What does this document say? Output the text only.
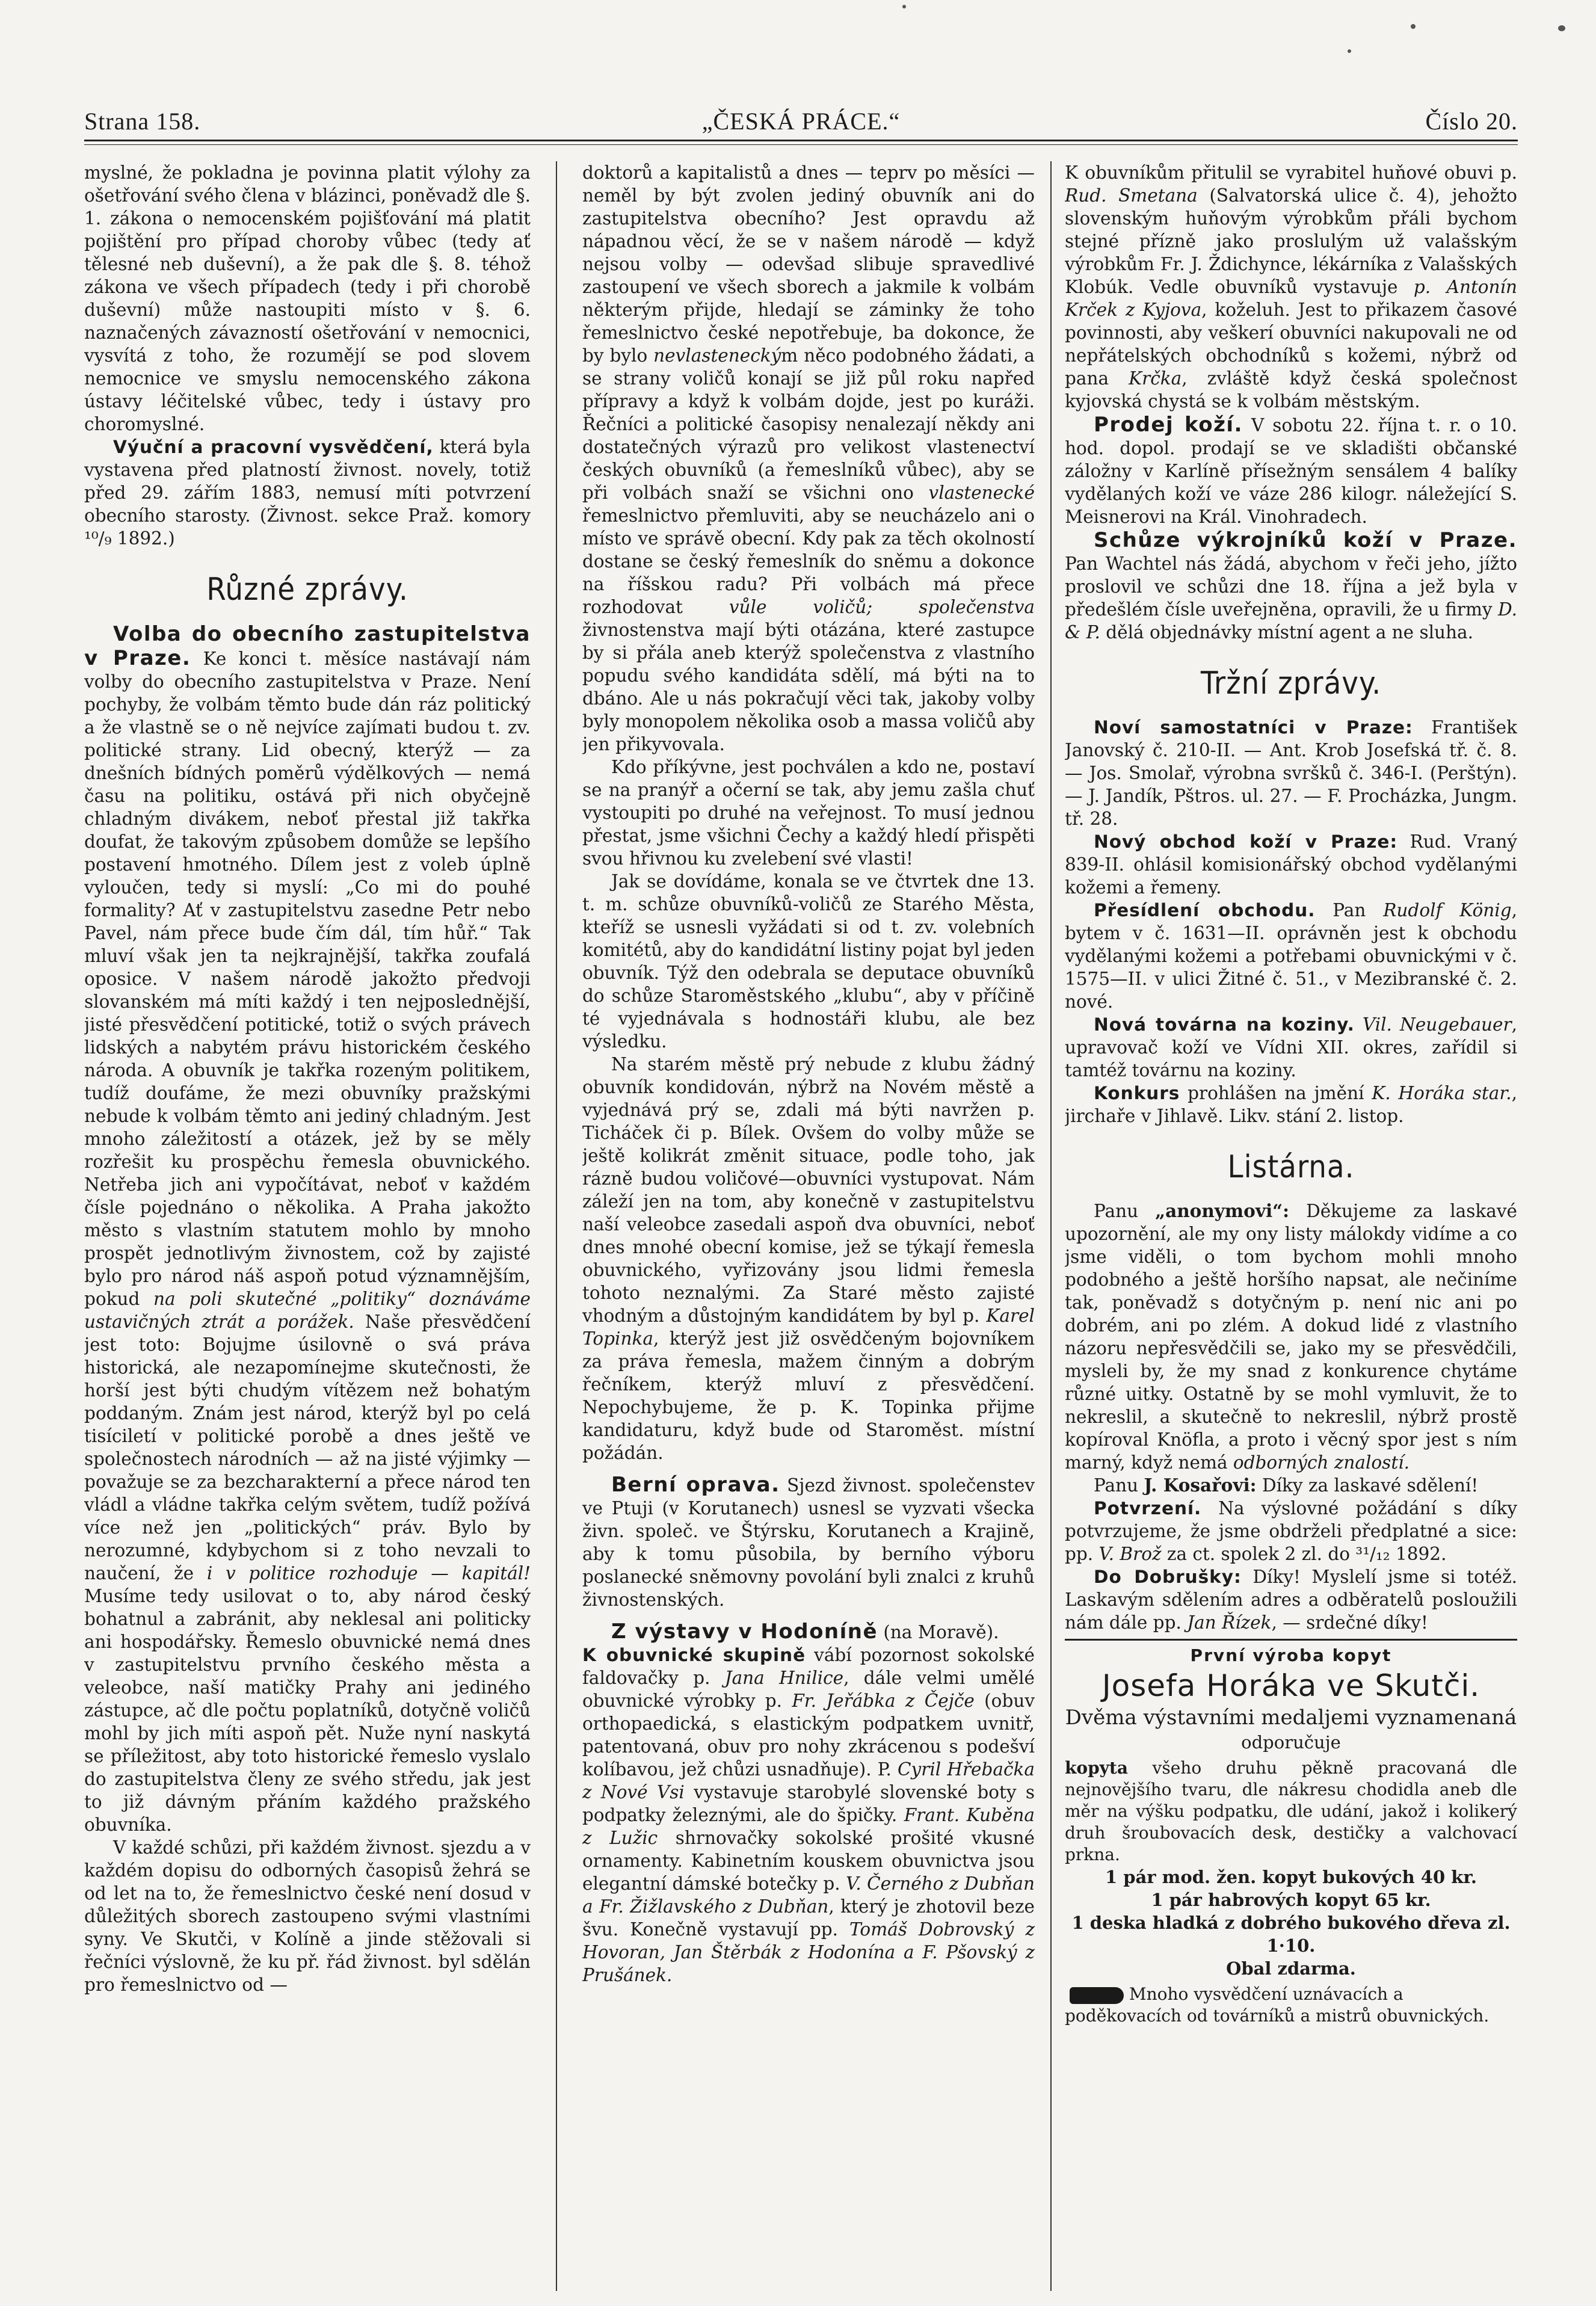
Strana 158.	„ČESKÁ PRÁCE.“	Číslo 20.

myslné, že pokladna je povinna platit výlohy za ošetřování svého člena v blázinci, poněvadž dle §. 1. zákona o nemocenském pojišťování má platit pojištění pro případ choroby vůbec (tedy ať tělesné neb duševní), a že pak dle §. 8. téhož zákona ve všech případech (tedy i při chorobě duševní) může nastoupiti místo v §. 6. naznačených závazností ošetřování v nemocnici, vysvítá z toho, že rozumějí se pod slovem nemocnice ve smyslu nemocenského zákona ústavy léčitelské vůbec, tedy i ústavy pro choromyslné.

Výuční a pracovní vysvědčení, která byla vystavena před platností živnost. novely, totiž před 29. zářím 1883, nemusí míti potvrzení obecního starosty. (Živnost. sekce Praž. komory ¹⁰/₉ 1892.)

Různé zprávy.

Volba do obecního zastupitelstva v Praze. Ke konci t. měsíce nastávají nám volby do obecního zastupitelstva v Praze. Není pochyby, že volbám těmto bude dán ráz politický a že vlastně se o ně nejvíce zajímati budou t. zv. politické strany. Lid obecný, kterýž — za dnešních bídných poměrů výdělkových — nemá času na politiku, ostává při nich obyčejně chladným divákem, neboť přestal již takřka doufat, že takovým způsobem domůže se lepšího postavení hmotného. Dílem jest z voleb úplně vyloučen, tedy si myslí: „Co mi do pouhé formality? Ať v zastupitelstvu zasedne Petr nebo Pavel, nám přece bude čím dál, tím hůř.“ Tak mluví však jen ta nejkrajnější, takřka zoufalá oposice. V našem národě jakožto předvoji slovanském má míti každý i ten nejposlednější, jisté přesvědčení potitické, totiž o svých právech lidských a nabytém právu historickém českého národa. A obuvník je takřka rozeným politikem, tudíž doufáme, že mezi obuvníky pražskými nebude k volbám těmto ani jediný chladným. Jest mnoho záležitostí a otázek, jež by se měly rozřešit ku prospěchu řemesla obuvnického. Netřeba jich ani vypočítávat, neboť v každém čísle pojednáno o několika. A Praha jakožto město s vlastním statutem mohlo by mnoho prospět jednotlivým živnostem, což by zajisté bylo pro národ náš aspoň potud významnějším, pokud na poli skutečné „politiky“ doznáváme ustavičných ztrát a porážek. Naše přesvědčení jest toto: Bojujme úsilovně o svá práva historická, ale nezapomínejme skutečnosti, že horší jest býti chudým vítězem než bohatým poddaným. Znám jest národ, kterýž byl po celá tisíciletí v politické porobě a dnes ještě ve společnostech národních — až na jisté výjimky — považuje se za bezcharakterní a přece národ ten vládl a vládne takřka celým světem, tudíž požívá více než jen „politických“ práv. Bylo by nerozumné, kdybychom si z toho nevzali to naučení, že i v politice rozhoduje — kapitál! Musíme tedy usilovat o to, aby národ český bohatnul a zabránit, aby neklesal ani politicky ani hospodářsky. Řemeslo obuvnické nemá dnes v zastupitelstvu prvního českého města a veleobce, naší matičky Prahy ani jediného zástupce, ač dle počtu poplatníků, dotyčně voličů mohl by jich míti aspoň pět. Nuže nyní naskytá se příležitost, aby toto historické řemeslo vyslalo do zastupitelstva členy ze svého středu, jak jest to již dávným přáním každého pražského obuvníka.

V každé schůzi, při každém živnost. sjezdu a v každém dopisu do odborných časopisů žehrá se od let na to, že řemeslnictvo české není dosud v důležitých sborech zastoupeno svými vlastními syny. Ve Skutči, v Kolíně a jinde stěžovali si řečníci výslovně, že ku př. řád živnost. byl sdělán pro řemeslnictvo od —

doktorů a kapitalistů a dnes — teprv po měsíci — neměl by být zvolen jediný obuvník ani do zastupitelstva obecního? Jest opravdu až nápadnou věcí, že se v našem národě — když nejsou volby — odevšad slibuje spravedlivé zastoupení ve všech sborech a jakmile k volbám některým přijde, hledají se záminky že toho řemeslnictvo české nepotřebuje, ba dokonce, že by bylo nevlasteneckým něco podobného žádati, a se strany voličů konají se již půl roku napřed přípravy a když k volbám dojde, jest po kuráži. Řečníci a politické časopisy nenalezají někdy ani dostatečných výrazů pro velikost vlastenectví českých obuvníků (a řemeslníků vůbec), aby se při volbách snaží se všichni ono vlastenecké řemeslnictvo přemluviti, aby se neucházelo ani o místo ve správě obecní. Kdy pak za těch okolností dostane se český řemeslník do sněmu a dokonce na říšskou radu? Při volbách má přece rozhodovat vůle voličů; společenstva živnostenstva mají býti otázána, které zastupce by si přála aneb kterýž společenstva z vlastního popudu svého kandidáta sdělí, má býti na to dbáno. Ale u nás pokračují věci tak, jakoby volby byly monopolem několika osob a massa voličů aby jen přikyvovala.

Kdo příkývne, jest pochválen a kdo ne, postaví se na pranýř a očerní se tak, aby jemu zašla chuť vystoupiti po druhé na veřejnost. To musí jednou přestat, jsme všichni Čechy a každý hledí přispěti svou hřivnou ku zvelebení své vlasti!

Jak se dovídáme, konala se ve čtvrtek dne 13. t. m. schůze obuvníků-voličů ze Starého Města, kteříž se usnesli vyžádati si od t. zv. volebních komitétů, aby do kandidátní listiny pojat byl jeden obuvník. Týž den odebrala se deputace obuvníků do schůze Staroměstského „klubu“, aby v příčině té vyjednávala s hodnostáři klubu, ale bez výsledku.

Na starém městě prý nebude z klubu žádný obuvník kondidován, nýbrž na Novém městě a vyjednává prý se, zdali má býti navržen p. Ticháček či p. Bílek. Ovšem do volby může se ještě kolikrát změnit situace, podle toho, jak rázně budou voličové—obuvníci vystupovat. Nám záleží jen na tom, aby konečně v zastupitelstvu naší veleobce zasedali aspoň dva obuvníci, neboť dnes mnohé obecní komise, jež se týkají řemesla obuvnického, vyřizovány jsou lidmi řemesla tohoto neznalými. Za Staré město zajisté vhodným a důstojným kandidátem by byl p. Karel Topinka, kterýž jest již osvědčeným bojovníkem za práva řemesla, mažem činným a dobrým řečníkem, kterýž mluví z přesvědčení. Nepochybujeme, že p. K. Topinka přijme kandidaturu, když bude od Staroměst. místní požádán.

Berní oprava. Sjezd živnost. společenstev ve Ptuji (v Korutanech) usnesl se vyzvati všecka živn. společ. ve Štýrsku, Korutanech a Krajině, aby k tomu působila, by berního výboru poslanecké sněmovny povolání byli znalci z kruhů živnostenských.

Z výstavy v Hodoníně (na Moravě).

K obuvnické skupině vábí pozornost sokolské faldovačky p. Jana Hnilice, dále velmi umělé obuvnické výrobky p. Fr. Jeřábka z Čejče (obuv orthopaedická, s elastickým podpatkem uvnitř, patentovaná, obuv pro nohy zkrácenou s podešví kolíbavou, jež chůzi usnadňuje). P. Cyril Hřebačka z Nové Vsi vystavuje starobylé slovenské boty s podpatky železnými, ale do špičky. Frant. Kuběna z Lužic shrnovačky sokolské prošité vkusné ornamenty. Kabinetním kouskem obuvnictva jsou elegantní dámské botečky p. V. Černého z Dubňan a Fr. Žižlavského z Dubňan, který je zhotovil beze švu. Konečně vystavují pp. Tomáš Dobrovský z Hovoran, Jan Štěrbák z Hodonína a F. Pšovský z Prušánek.

K obuvníkům přitulil se vyrabitel huňové obuvi p. Rud. Smetana (Salvatorská ulice č. 4), jehožto slovenským huňovým výrobkům přáli bychom stejné přízně jako proslulým už valašským výrobkům Fr. J. Ždichynce, lékárníka z Valašských Klobúk. Vedle obuvníků vystavuje p. Antonín Krček z Kyjova, koželuh. Jest to přikazem časové povinnosti, aby veškerí obuvníci nakupovali ne od nepřátelských obchodníků s kožemi, nýbrž od pana Krčka, zvláště když česká společnost kyjovská chystá se k volbám městským.

Prodej koží. V sobotu 22. října t. r. o 10. hod. dopol. prodají se ve skladišti občanské záložny v Karlíně přísežným sensálem 4 balíky vydělaných koží ve váze 286 kilogr. náležející S. Meisnerovi na Král. Vinohradech.

Schůze výkrojníků koží v Praze. Pan Wachtel nás žádá, abychom v řeči jeho, jížto proslovil ve schůzi dne 18. října a jež byla v předešlém čísle uveřejněna, opravili, že u firmy D. & P. dělá objednávky místní agent a ne sluha.

Tržní zprávy.

Noví samostatníci v Praze: František Janovský č. 210-II. — Ant. Krob Josefská tř. č. 8. — Jos. Smolař, výrobna svršků č. 346-I. (Perštýn). — J. Jandík, Pštros. ul. 27. — F. Procházka, Jungm. tř. 28.

Nový obchod koží v Praze: Rud. Vraný 839-II. ohlásil komisionářský obchod vydělanými kožemi a řemeny.

Přesídlení obchodu. Pan Rudolf König, bytem v č. 1631—II. oprávněn jest k obchodu vydělanými kožemi a potřebami obuvnickými v č. 1575—II. v ulici Žitné č. 51., v Mezibranské č. 2. nové.

Nová továrna na koziny. Vil. Neugebauer, upravovač koží ve Vídni XII. okres, zařídil si tamtéž továrnu na koziny.

Konkurs prohlášen na jmění K. Horáka star., jirchaře v Jihlavě. Likv. stání 2. listop.

Listárna.

Panu „anonymovi“: Děkujeme za laskavé upozornění, ale my ony listy málokdy vidíme a co jsme viděli, o tom bychom mohli mnoho podobného a ještě horšího napsat, ale nečiníme tak, poněvadž s dotyčným p. není nic ani po dobrém, ani po zlém. A dokud lidé z vlastního názoru nepřesvědčili se, jako my se přesvědčili, mysleli by, že my snad z konkurence chytáme různé uitky. Ostatně by se mohl vymluvit, že to nekreslil, a skutečně to nekreslil, nýbrž prostě kopíroval Knöfla, a proto i věcný spor jest s ním marný, když nemá odborných znalostí.

Panu J. Kosařovi: Díky za laskavé sdělení!

Potvrzení. Na výslovné požádání s díky potvrzujeme, že jsme obdrželi předplatné a sice: pp. V. Brož za ct. spolek 2 zl. do ³¹/₁₂ 1892.

Do Dobrušky: Díky! Myslelí jsme si totéž. Laskavým sdělením adres a odběratelů posloužili nám dále pp. Jan Řízek, — srdečné díky!

První výroba kopyt
Josefa Horáka ve Skutči.
Dvěma výstavními medaljemi vyznamenaná
odporučuje
kopyta všeho druhu pěkně pracovaná dle nejnovějšího tvaru, dle nákresu chodidla aneb dle měr na výšku podpatku, dle udání, jakož i kolikerý druh šroubovacích desk, destičky a valchovací prkna.
1 pár mod. žen. kopyt bukových 40 kr.
1 pár habrových kopyt 65 kr.
1 deska hladká z dobrého bukového dřeva zl. 1·10.
Obal zdarma.
Mnoho vysvědčení uznávacích a poděkovacích od továrníků a mistrů obuvnických.
